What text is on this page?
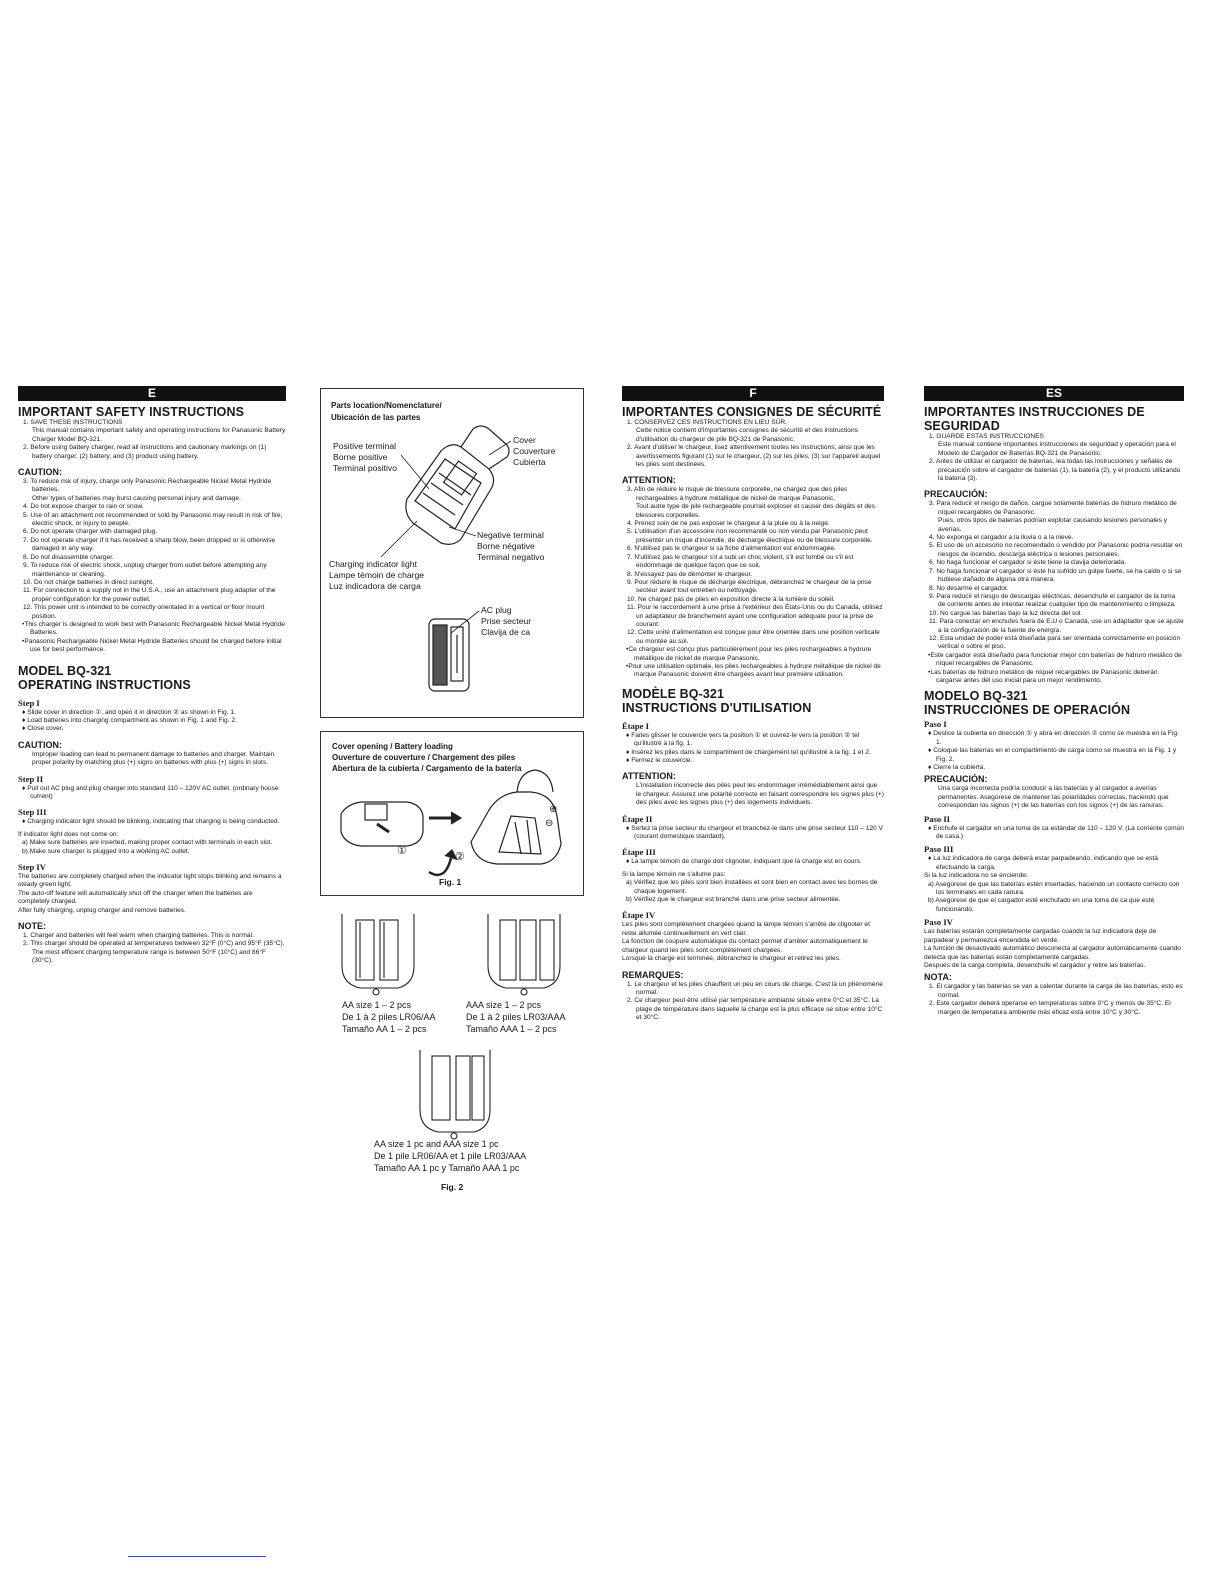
E
IMPORTANT SAFETY INSTRUCTIONS
1. SAVE THESE INSTRUCTIONS
This manual contains important safety and operating instructions for Panasonic Battery Charger Model BQ-321.
2. Before using battery charger, read all instructions and cautionary markings on (1) battery charger, (2) battery, and (3) product using battery.
CAUTION:
3. To reduce risk of injury, charge only Panasonic Rechargeable Nickel Metal Hydride batteries.
Other types of batteries may burst causing personal injury and damage.
4. Do not expose charger to rain or snow.
5. Use of an attachment not recommended or sold by Panasonic may result in risk of fire, electric shock, or injury to people.
6. Do not operate charger with damaged plug.
7. Do not operate charger if it has received a sharp blow, been dropped or is otherwise damaged in any way.
8. Do not disassemble charger.
9. To reduce risk of electric shock, unplug charger from outlet before attempting any maintenance or cleaning.
10. Do not charge batteries in direct sunlight.
11. For connection to a supply not in the U.S.A., use an attachment plug adapter of the proper configuration for the power outlet.
12. This power unit is intended to be correctly orientated in a vertical or floor mount position.
•This charger is designed to work best with Panasonic Rechargeable Nickel Metal Hydride Batteries.
•Panasonic Rechargeable Nickel Metal Hydride Batteries should be charged before initial use for best performance.
MODEL BQ-321
OPERATING INSTRUCTIONS
Step I
♦ Slide cover in direction ①, and open it in direction ② as shown in Fig. 1.
♦ Load batteries into charging compartment as shown in Fig. 1 and Fig. 2.
♦ Close cover.
CAUTION:
Improper loading can lead to permanent damage to batteries and charger. Maintain proper polarity by matching plus (+) signs on batteries with plus (+) signs in slots.
Step II
♦ Pull out AC plug and plug charger into standard 110 – 120V AC outlet. (ordinary house current)
Step III
♦ Charging indicator light should be blinking, indicating that charging is being conducted.
If indicator light does not come on:
a) Make sure batteries are inserted, making proper contact with terminals in each slot.
b) Make sure charger is plugged into a working AC outlet.
Step IV
The batteries are completely charged when the indicator light stops blinking and remains a steady green light.
The auto-off feature will automatically shut off the charger when the batteries are completely charged.
After fully charging, unplug charger and remove batteries.
NOTE:
1. Charger and batteries will feel warm when charging batteries. This is normal.
2. This charger should be operated at temperatures between 32°F (0°C) and 95°F (35°C). The most efficient charging temperature range is between 50°F (10°C) and 86°F (30°C).
Parts location/Nomenclature/
Ubicación de las partes
Positive terminal
Borne positive
Terminal positivo
Cover
Couverture
Cubierta
Negative terminal
Borne négative
Terminal negativo
Charging indicator light
Lampe témoin de charge
Luz indicadora de carga
AC plug
Prise secteur
Clavija de ca
Cover opening / Battery loading
Ouverture de couverture / Chargement des piles
Abertura de la cubierta / Cargamento de la batería
①	②
⊕
⊖
Fig. 1
AA size 1 – 2 pcs
De 1 à 2 piles LR06/AA
Tamaño AA 1 – 2 pcs
AAA size 1 – 2 pcs
De 1 à 2 piles LR03/AAA
Tamaño AAA 1 – 2 pcs
AA size 1 pc and AAA size 1 pc
De 1 pile LR06/AA et 1 pile LR03/AAA
Tamaño AA 1 pc y Tamaño AAA 1 pc
Fig. 2
F
IMPORTANTES CONSIGNES DE SÉCURITÉ
1. CONSERVEZ CES INSTRUCTIONS EN LIEU SÛR.
Cette notice contient d'importantes consignes de sécurité et des instructions d'utilisation du chargeur de pile BQ-321 de Panasonic.
2. Avant d'utiliser le chargeur, lisez attentivement toutes les instructions, ainsi que les avertissements figurant (1) sur le chargeur, (2) sur les piles, (3) sur l'appareil auquel les piles sont destinées.
ATTENTION:
3. Afin de réduire le risque de blessure corporelle, ne chargez que des piles rechargeables à hydrure métallique de nickel de marque Panasonic.
Tout autre type de pile rechargeable pourrait exploser et causer des dégâts et des blessures corporelles.
4. Prenez soin de ne pas exposer le chargeur à la pluie ou à la neige.
5. L'utilisation d'un accessoire non recommandé ou non vendu par Panasonic peut présenter un risque d'incendie, de décharge électrique ou de blessure corporelle.
6. N'utilisez pas le chargeur si sa fiche d'alimentation est endommagée.
7. N'utilisez pas le chargeur s'il a subi un choc violent, s'il est tombé ou s'il est endommagé de quelque façon que ce soit.
8. N'essayez pas de démonter le chargeur.
9. Pour réduire le risque de décharge électrique, débranchez le chargeur de la prise secteur avant tout entretien ou nettoyage.
10. Ne chargez pas de piles en exposition directe à la lumière du soleil.
11. Pour le raccordement à une prise à l'extérieur des États-Unis ou du Canada, utilisez un adaptateur de branchement ayant une configuration adéquate pour la prise de courant.
12. Cette unité d'alimentation est conçue pour être orientée dans une position verticale ou montée au sol.
•Ce chargeur est conçu plus particulièrement pour les piles rechargeables à hydrure métallique de nickel de marque Panasonic.
•Pour une utilisation optimale, les piles rechargeables à hydrure métallique de nickel de marque Panasonic doivent être chargées avant leur première utilisation.
MODÈLE BQ-321
INSTRUCTIONS D'UTILISATION
Étape I
♦ Faites glisser le couvercle vers la position ① et ouvrez-le vers la position ② tel qu'illustré à la fig. 1.
♦ Insérez les piles dans le compartiment de chargement tel qu'illustré à la fig. 1 et 2.
♦ Fermez le couvercle.
ATTENTION:
L'installation incorrecte des piles peut les endommager irrémédiablement ainsi que le chargeur. Assurez une polarité correcte en faisant correspondre les signes plus (+) des piles avec les signes plus (+) des logements individuels.
Étape II
♦ Sortez la prise secteur du chargeur et branchez-le dans une prise secteur 110 – 120 V (courant domestique standard).
Étape III
♦ La lampe témoin de charge doit clignoter, indiquant que la charge est en cours.
Si la lampe témoin ne s'allume pas:
a) Vérifiez que les piles sont bien installées et sont bien en contact avec les bornes de chaque logement.
b) Vérifiez que le chargeur est branché dans une prise secteur alimentée.
Étape IV
Les piles sont complètement chargées quand la lampe témoin s'arrête de clignoter et reste allumée continuellement en vert clair.
La fonction de coupure automatique du contact permet d'arrêter automatiquement le chargeur quand les piles sont complètement chargées.
Lorsque la charge est terminée, débranchez le chargeur et retirez les piles.
REMARQUES:
1. Le chargeur et les piles chauffent un peu en cours de charge. C'est là un phénomène normal.
2. Ce chargeur peut être utilisé par température ambiante située entre 0°C et 35°C. La plage de température dans laquelle la charge est la plus efficace se situe entre 10°C et 30°C.
ES
IMPORTANTES INSTRUCCIONES DE
SEGURIDAD
1. GUARDE ESTAS INSTRUCCIONES
Este manual contiene importantes instrucciones de seguridad y operación para el Modelo de Cargador de Baterías BQ-321 de Panasonic.
2. Antes de utilizar el cargador de baterías, lea todas las instrucciones y señales de precaución sobre el cargador de baterías (1), la batería (2), y el producto utilizando la batería (3).
PRECAUCIÓN:
3. Para reducir el riesgo de daños, cargue solamente baterías de hidruro metálico de níquel recargables de Panasonic.
Pues, otros tipos de baterías podrían explotar causando lesiones personales y averías.
4. No exponga el cargador a la lluvia o a la nieve.
5. El uso de un accesorio no recomendado o vendido por Panasonic podría resultar en riesgos de incendio, descarga eléctrica o lesiones personales.
6. No haga funcionar el cargador si éste tiene la clavija deteriorada.
7. No haga funcionar el cargador si éste ha sufrido un golpe fuerte, se ha caído o si se hubiese dañado de alguna otra manera.
8. No desarme el cargador.
9. Para reducir el riesgo de descargas eléctricas, desenchufe el cargador de la toma de corriente antes de intentar realizar cualquier tipo de mantenimiento o limpieza.
10. No cargue las baterías bajo la luz directa del sol.
11. Para conectar en enchufes fuera de E.U o Canadá, use un adaptador que se ajuste a la configuración de la fuente de energía.
12. Esta unidad de poder está diseñada para ser orientada correctamente en posición vertical o sobre el piso.
•Este cargador está diseñado para funcionar mejor con baterías de hidruro metálico de níquel recargables de Panasonic.
•Las baterías de hidruro metálico de níquel recargables de Panasonic deberán cargarse antes del uso inicial para un mejor rendimiento.
MODELO BQ-321
INSTRUCCIONES DE OPERACIÓN
Paso I
♦ Deslice la cubierta en dirección ① y abra en dirección ② como se muestra en la Fig. 1.
♦ Coloque las baterías en el compartimiento de carga como se muestra en la Fig. 1 y Fig. 2.
♦ Cierre la cubierta.
PRECAUCIÓN:
Una carga incorrecta podría conducir a las baterías y al cargador a averías permanentes. Asegúrese de mantener las polaridades correctas, haciendo que correspondan los signos (+) de las baterías con los signos (+) de las ranuras.
Paso II
♦ Enchufe el cargador en una toma de ca estándar de 110 – 120 V. (La corriente común de casa.)
Paso III
♦ La luz indicadora de carga deberá estar parpadeando, indicando que se está efectuando la carga.
Si la luz indicadora no se enciende:
a) Asegúrese de que las baterías estén insertadas, haciendo un contacto correcto con los terminales en cada ranura.
b) Asegúrese de que el cargador esté enchufado en una toma de ca que esté funcionando.
Paso IV
Las baterías estarán completamente cargadas cuando la luz indicadora deje de parpadear y permanezca encendida en verde.
La función de desactivado automático desconecta al cargador automáticamente cuando detecta que las baterías están completamente cargadas.
Después de la carga completa, desenchufe el cargador y retire las baterías.
NOTA:
1. El cargador y las baterías se van a calentar durante la carga de las baterías, esto es normal.
2. Este cargador deberá operarse en temperaturas sobre 0°C y menos de 35°C. El margen de temperatura ambiente más eficaz está entre 10°C y 30°C.
